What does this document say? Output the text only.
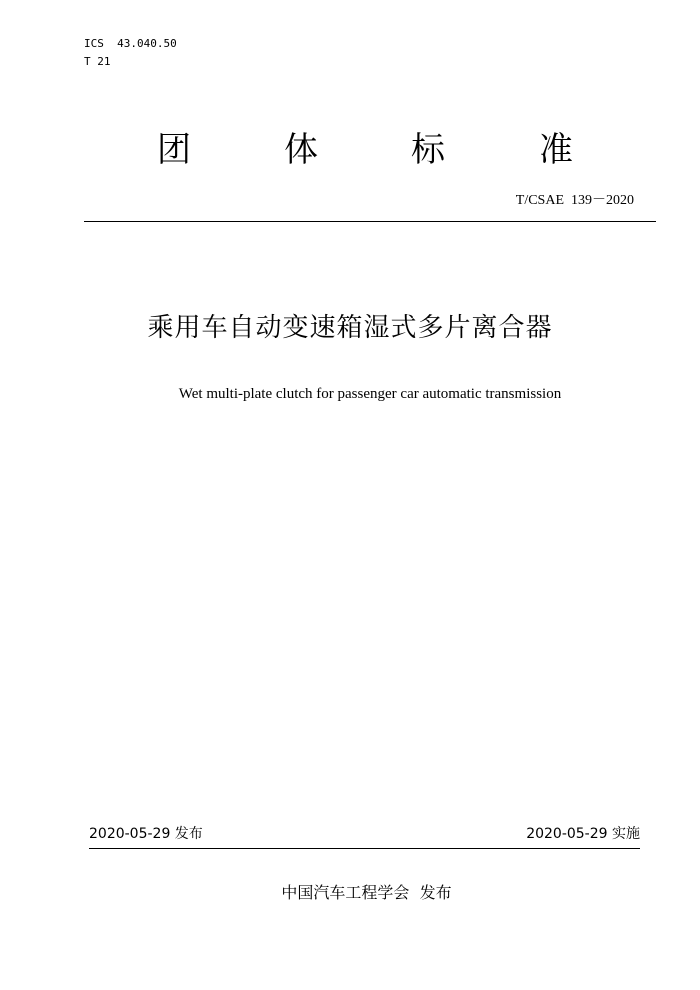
ICS  43.040.50
T 21
团	体	标	准
T/CSAE  139－2020
乘用车自动变速箱湿式多片离合器
Wet multi-plate clutch for passenger car automatic transmission
2020-05-29 发布	2020-05-29 实施
中国汽车工程学会  发布
